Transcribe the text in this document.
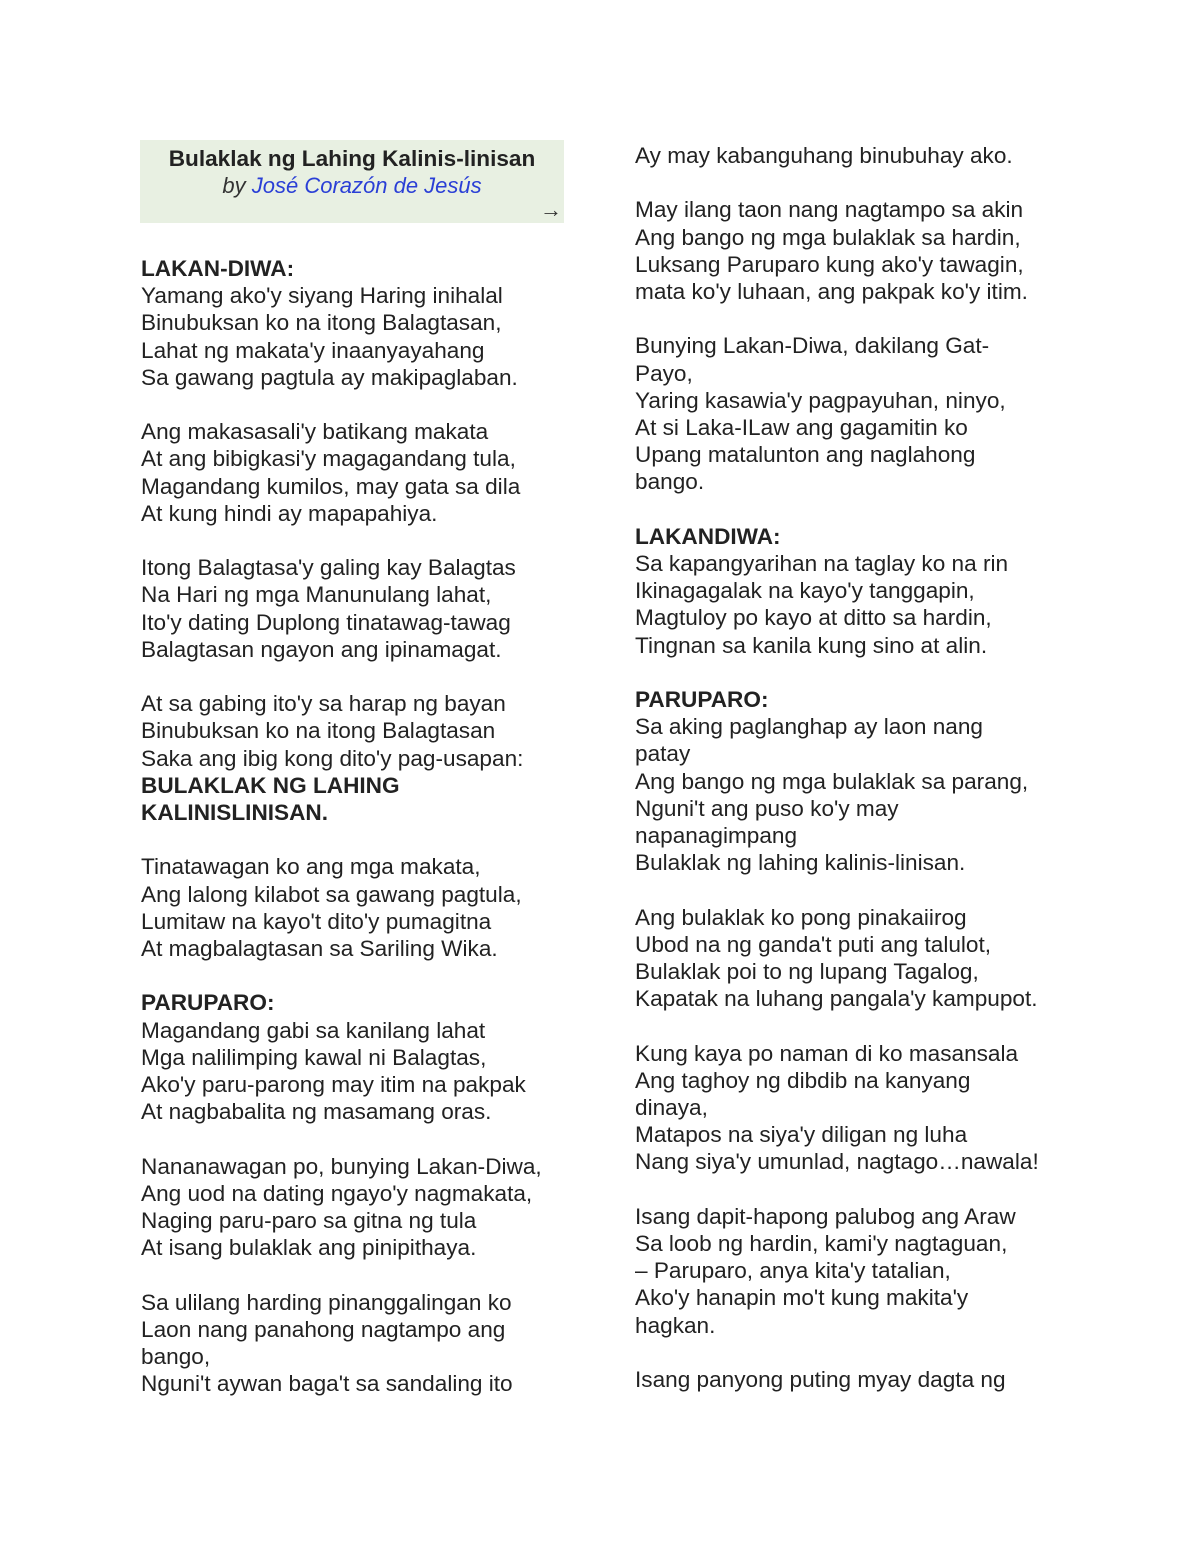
Bulaklak ng Lahing Kalinis-linisan
by José Corazón de Jesús
→
LAKAN-DIWA:
Yamang ako'y siyang Haring inihalal
Binubuksan ko na itong Balagtasan,
Lahat ng makata'y inaanyayahang
Sa gawang pagtula ay makipaglaban.
Ang makasasali'y batikang makata
At ang bibigkasi'y magagandang tula,
Magandang kumilos, may gata sa dila
At kung hindi ay mapapahiya.
Itong Balagtasa'y galing kay Balagtas
Na Hari ng mga Manunulang lahat,
Ito'y dating Duplong tinatawag-tawag
Balagtasan ngayon ang ipinamagat.
At sa gabing ito'y sa harap ng bayan
Binubuksan ko na itong Balagtasan
Saka ang ibig kong dito'y pag-usapan:
BULAKLAK NG LAHING
KALINISLINISAN.
Tinatawagan ko ang mga makata,
Ang lalong kilabot sa gawang pagtula,
Lumitaw na kayo't dito'y pumagitna
At magbalagtasan sa Sariling Wika.
PARUPARO:
Magandang gabi sa kanilang lahat
Mga nalilimping kawal ni Balagtas,
Ako'y paru-parong may itim na pakpak
At nagbabalita ng masamang oras.
Nananawagan po, bunying Lakan-Diwa,
Ang uod na dating ngayo'y nagmakata,
Naging paru-paro sa gitna ng tula
At isang bulaklak ang pinipithaya.
Sa ulilang harding pinanggalingan ko
Laon nang panahong nagtampo ang
bango,
Nguni't aywan baga't sa sandaling ito
Ay may kabanguhang binubuhay ako.
May ilang taon nang nagtampo sa akin
Ang bango ng mga bulaklak sa hardin,
Luksang Paruparo kung ako'y tawagin,
mata ko'y luhaan, ang pakpak ko'y itim.
Bunying Lakan-Diwa, dakilang Gat-
Payo,
Yaring kasawia'y pagpayuhan, ninyo,
At si Laka-ILaw ang gagamitin ko
Upang matalunton ang naglahong
bango.
LAKANDIWA:
Sa kapangyarihan na taglay ko na rin
Ikinagagalak na kayo'y tanggapin,
Magtuloy po kayo at ditto sa hardin,
Tingnan sa kanila kung sino at alin.
PARUPARO:
Sa aking paglanghap ay laon nang
patay
Ang bango ng mga bulaklak sa parang,
Nguni't ang puso ko'y may
napanagimpang
Bulaklak ng lahing kalinis-linisan.
Ang bulaklak ko pong pinakaiirog
Ubod na ng ganda't puti ang talulot,
Bulaklak poi to ng lupang Tagalog,
Kapatak na luhang pangala'y kampupot.
Kung kaya po naman di ko masansala
Ang taghoy ng dibdib na kanyang
dinaya,
Matapos na siya'y diligan ng luha
Nang siya'y umunlad, nagtago…nawala!
Isang dapit-hapong palubog ang Araw
Sa loob ng hardin, kami'y nagtaguan,
– Paruparo, anya kita'y tatalian,
Ako'y hanapin mo't kung makita'y
hagkan.
Isang panyong puting myay dagta ng
